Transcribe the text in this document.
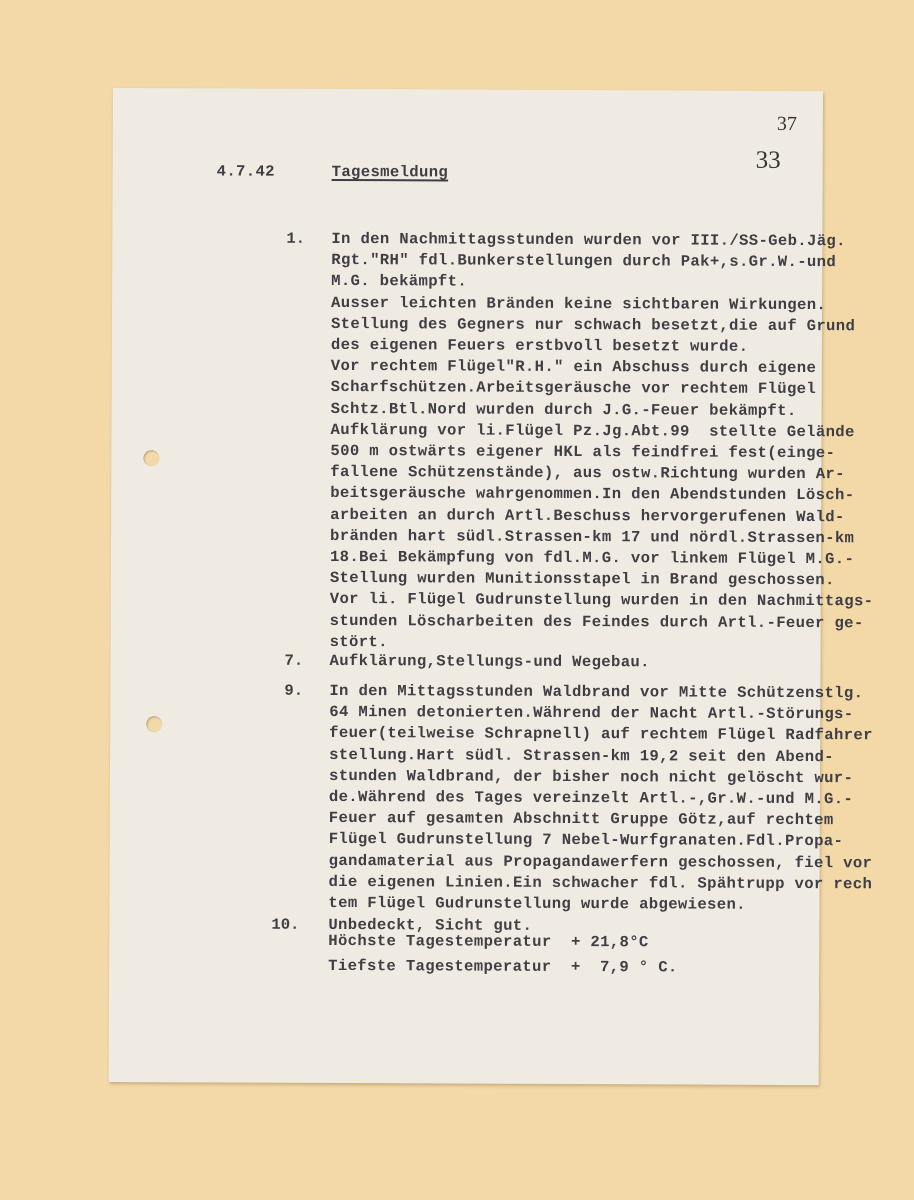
37
33
4.7.42	Tagesmeldung
1. In den Nachmittagsstunden wurden vor III./SS-Geb.Jäg.
Rgt."RH" fdl.Bunkerstellungen durch Pak+,s.Gr.W.-und
M.G. bekämpft.
Ausser leichten Bränden keine sichtbaren Wirkungen.
Stellung des Gegners nur schwach besetzt,die auf Grund
des eigenen Feuers erstbvoll besetzt wurde.
Vor rechtem Flügel"R.H." ein Abschuss durch eigene
Scharfschützen.Arbeitsgeräusche vor rechtem Flügel
Schtz.Btl.Nord wurden durch J.G.-Feuer bekämpft.
Aufklärung vor li.Flügel Pz.Jg.Abt.99  stellte Gelände
500 m ostwärts eigener HKL als feindfrei fest(einge-
fallene Schützenstände), aus ostw.Richtung wurden Ar-
beitsgeräusche wahrgenommen.In den Abendstunden Lösch-
arbeiten an durch Artl.Beschuss hervorgerufenen Wald-
bränden hart südl.Strassen-km 17 und nördl.Strassen-km
18.Bei Bekämpfung von fdl.M.G. vor linkem Flügel M.G.-
Stellung wurden Munitionsstapel in Brand geschossen.
Vor li. Flügel Gudrunstellung wurden in den Nachmittags-
stunden Löscharbeiten des Feindes durch Artl.-Feuer ge-
stört.
7. Aufklärung,Stellungs-und Wegebau.
9. In den Mittagsstunden Waldbrand vor Mitte Schützenstlg.
64 Minen detonierten.Während der Nacht Artl.-Störungs-
feuer(teilweise Schrapnell) auf rechtem Flügel Radfahrer
stellung.Hart südl. Strassen-km 19,2 seit den Abend-
stunden Waldbrand, der bisher noch nicht gelöscht wur-
de.Während des Tages vereinzelt Artl.-,Gr.W.-und M.G.-
Feuer auf gesamten Abschnitt Gruppe Götz,auf rechtem
Flügel Gudrunstellung 7 Nebel-Wurfgranaten.Fdl.Propa-
gandamaterial aus Propagandawerfern geschossen, fiel vor
die eigenen Linien.Ein schwacher fdl. Spähtrupp vor rech
tem Flügel Gudrunstellung wurde abgewiesen.
10. Unbedeckt, Sicht gut.
Höchste Tagestemperatur  + 21,8°C
Tiefste Tagestemperatur  +  7,9 ° C.
